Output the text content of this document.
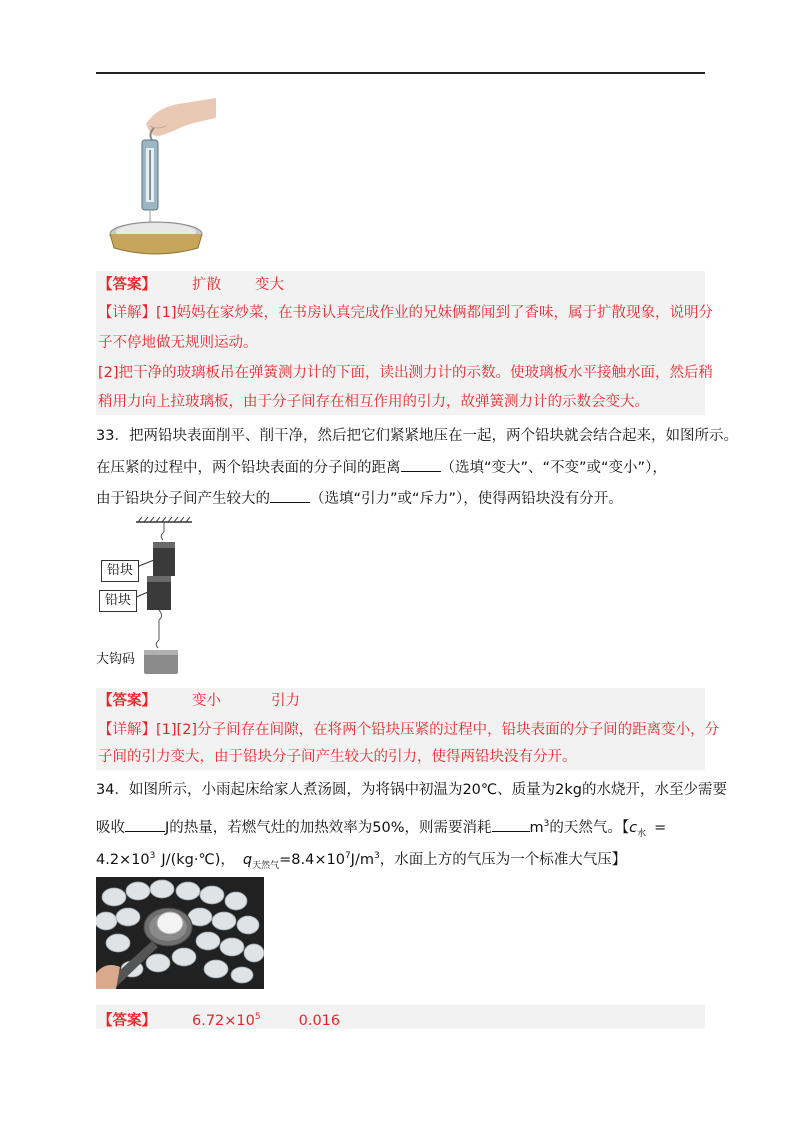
【答案】 扩散 变大
【详解】[1]妈妈在家炒菜，在书房认真完成作业的兄妹俩都闻到了香味，属于扩散现象，说明分
子不停地做无规则运动。
[2]把干净的玻璃板吊在弹簧测力计的下面，读出测力计的示数。使玻璃板水平接触水面，然后稍
稍用力向上拉玻璃板，由于分子间存在相互作用的引力，故弹簧测力计的示数会变大。
33．把两铅块表面削平、削干净，然后把它们紧紧地压在一起，两个铅块就会结合起来，如图所示。
在压紧的过程中，两个铅块表面的分子间的距离	（选填“变大”、“不变”或“变小”），
由于铅块分子间产生较大的	（选填“引力”或“斥力”），使得两铅块没有分开。
铅块
铅块
大钩码
【答案】 变小	引力
【详解】[1][2]分子间存在间隙，在将两个铅块压紧的过程中，铅块表面的分子间的距离变小，分
子间的引力变大，由于铅块分子间产生较大的引力，使得两铅块没有分开。
34．如图所示，小雨起床给家人煮汤圆，为将锅中初温为20℃、质量为2kg的水烧开，水至少需要
吸收	J的热量，若燃气灶的加热效率为50%，则需要消耗	$m^3$的天然气。【$c_水$ =
$4.2\times 10^3$ J/(kg·℃)， $q_{天然气}=8.4\times 10^7J/m^3$，水面上方的气压为一个标准大气压】
【答案】 $6.72\times 10^5$	0.016
